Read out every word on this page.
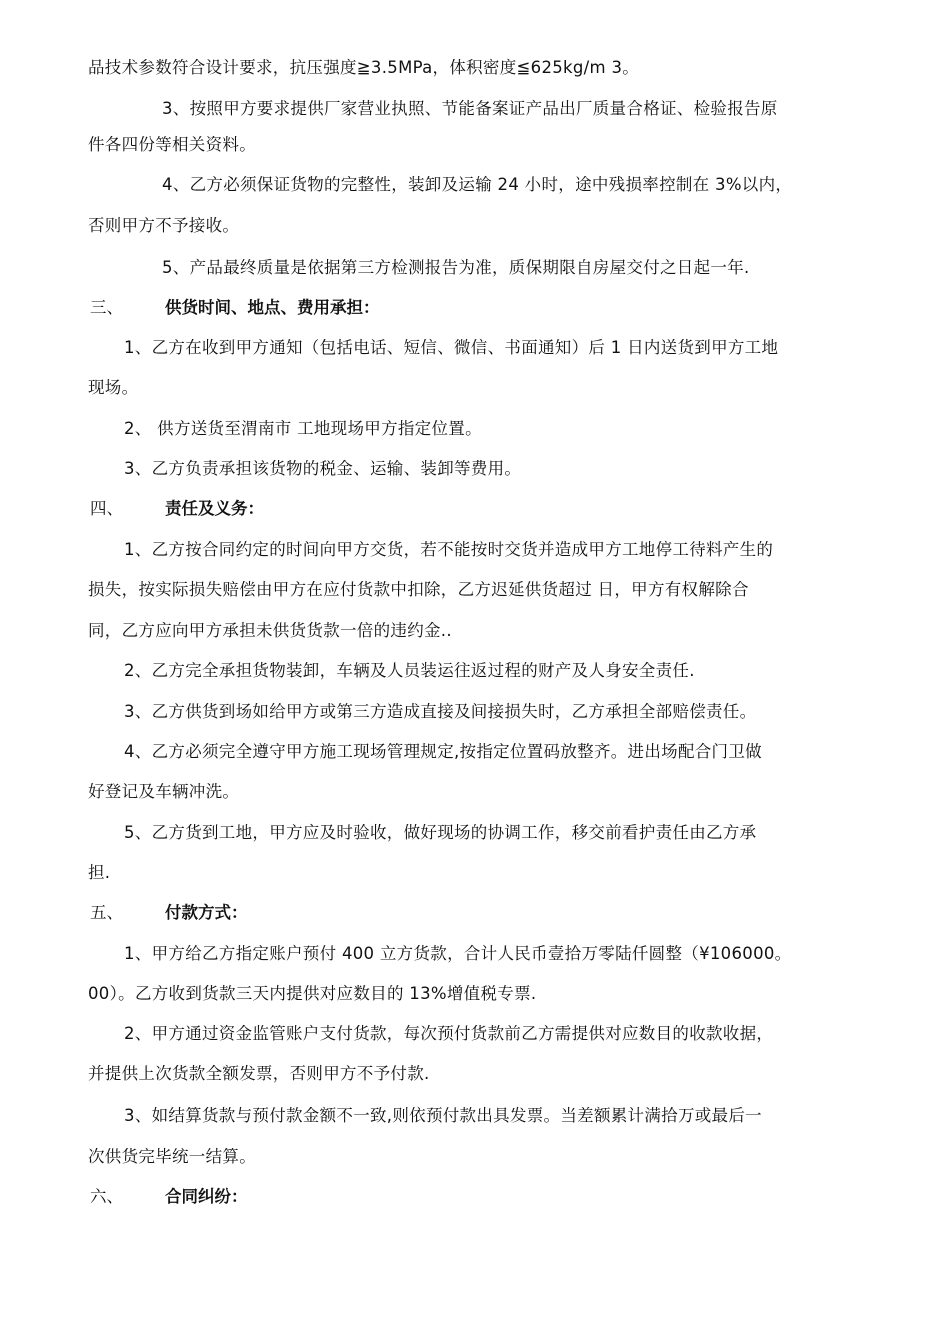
品技术参数符合设计要求，抗压强度≧3.5MPa，体积密度≦625kg/m 3。
3、按照甲方要求提供厂家营业执照、节能备案证产品出厂质量合格证、检验报告原
件各四份等相关资料。
4、乙方必须保证货物的完整性，装卸及运输 24 小时，途中残损率控制在 3%以内，
否则甲方不予接收。
5、产品最终质量是依据第三方检测报告为准，质保期限自房屋交付之日起一年.
三、	供货时间、地点、费用承担：
1、乙方在收到甲方通知（包括电话、短信、微信、书面通知）后 1 日内送货到甲方工地
现场。
2、 供方送货至渭南市 工地现场甲方指定位置。
3、乙方负责承担该货物的税金、运输、装卸等费用。
四、	责任及义务：
1、乙方按合同约定的时间向甲方交货，若不能按时交货并造成甲方工地停工待料产生的
损失，按实际损失赔偿由甲方在应付货款中扣除，乙方迟延供货超过 日，甲方有权解除合
同，乙方应向甲方承担未供货货款一倍的违约金..
2、乙方完全承担货物装卸，车辆及人员装运往返过程的财产及人身安全责任.
3、乙方供货到场如给甲方或第三方造成直接及间接损失时，乙方承担全部赔偿责任。
4、乙方必须完全遵守甲方施工现场管理规定,按指定位置码放整齐。进出场配合门卫做
好登记及车辆冲洗。
5、乙方货到工地，甲方应及时验收，做好现场的协调工作，移交前看护责任由乙方承
担.
五、	付款方式：
1、甲方给乙方指定账户预付 400 立方货款，合计人民币壹拾万零陆仟圆整（¥106000。
00）。乙方收到货款三天内提供对应数目的 13%增值税专票.
2、甲方通过资金监管账户支付货款，每次预付货款前乙方需提供对应数目的收款收据，
并提供上次货款全额发票，否则甲方不予付款.
3、如结算货款与预付款金额不一致,则依预付款出具发票。当差额累计满拾万或最后一
次供货完毕统一结算。
六、	合同纠纷：
